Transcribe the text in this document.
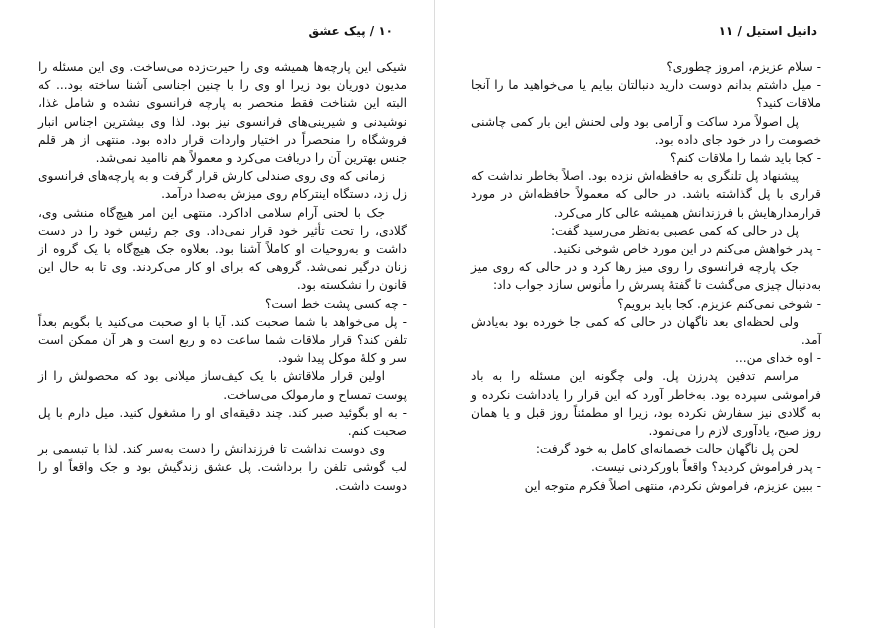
۱۰ / پیک عشق

شیکی این پارچه‌ها همیشه وی را حیرت‌زده می‌ساخت. وی این مسئله را مدیون دوریان بود زیرا او وی را با چنین اجناسی آشنا ساخته بود... که البته این شناخت فقط منحصر به پارچه فرانسوی نشده و شامل غذا، نوشیدنی و شیرینی‌های فرانسوی نیز بود. لذا وی بیشترین اجناس انبار فروشگاه را منحصراً در اختیار واردات قرار داده بود. منتهی از هر قلم جنس بهترین آن را دریافت می‌کرد و معمولاً هم ناامید نمی‌شد.

زمانی که وی روی صندلی کارش قرار گرفت و به پارچه‌های فرانسوی زل زد، دستگاه اینترکام روی میزش به‌صدا درآمد.

جک با لحنی آرام سلامی اداکرد. منتهی این امر هیچ‌گاه منشی وی، گلادی، را تحت تأثیر خود قرار نمی‌داد. وی جم رئیس خود را در دست داشت و به‌روحیات او کاملاً آشنا بود. بعلاوه جک هیچ‌گاه با یک گروه از زنان درگیر نمی‌شد. گروهی که برای او کار می‌کردند. وی تا به حال این قانون را نشکسته بود.

- چه کسی پشت خط است؟

- پل می‌خواهد با شما صحبت کند. آیا با او صحبت می‌کنید یا بگویم بعداً تلفن کند؟ قرار ملاقات شما ساعت ده و ربع است و هر آن ممکن است سر و کلهٔ موکل پیدا شود.

اولین قرار ملاقاتش با یک کیف‌ساز میلانی بود که محصولش را از پوست تمساح و مارمولک می‌ساخت.

- به او بگوئید صبر کند. چند دقیقه‌ای او را مشغول کنید. میل دارم با پل صحبت کنم.

وی دوست نداشت تا فرزندانش را دست به‌سر کند. لذا با تبسمی بر لب گوشی تلفن را برداشت. پل عشق زندگیش بود و جک واقعاً او را دوست داشت.

دانیل استیل / ۱۱

- سلام عزیزم، امروز چطوری؟

- میل داشتم بدانم دوست دارید دنبالتان بیایم یا می‌خواهید ما را آنجا ملاقات کنید؟

پل اصولاً مرد ساکت و آرامی بود ولی لحنش این بار کمی چاشنی خصومت را در خود جای داده بود.

- کجا باید شما را ملاقات کنم؟

پیشنهاد پل تلنگری به حافظه‌اش نزده بود. اصلاً بخاطر نداشت که قراری با پل گذاشته باشد. در حالی که معمولاً حافظه‌اش در مورد قرارمدارهایش با فرزندانش همیشه عالی کار می‌کرد.

پل در حالی که کمی عصبی به‌نظر می‌رسید گفت:

- پدر خواهش می‌کنم در این مورد خاص شوخی نکنید.

جک پارچه فرانسوی را روی میز رها کرد و در حالی که روی میز به‌دنبال چیزی می‌گشت تا گفتهٔ پسرش را مأنوس سازد جواب داد:

- شوخی نمی‌کنم عزیزم. کجا باید برویم؟

ولی لحظه‌ای بعد ناگهان در حالی که کمی جا خورده بود به‌یادش آمد.

- اوه خدای من...

مراسم تدفین پدرزن پل. ولی چگونه این مسئله را به باد فراموشی سپرده بود. به‌خاطر آورد که این قرار را یادداشت نکرده و به گلادی نیز سفارش نکرده بود، زیرا او مطمئناً روز قبل و یا همان روز صبح، یادآوری لازم را می‌نمود.

لحن پل ناگهان حالت خصمانه‌ای کامل به خود گرفت:

- پدر فراموش کردید؟ واقعاً باورکردنی نیست.

- ببین عزیزم، فراموش نکردم، منتهی اصلاً فکرم متوجه این
